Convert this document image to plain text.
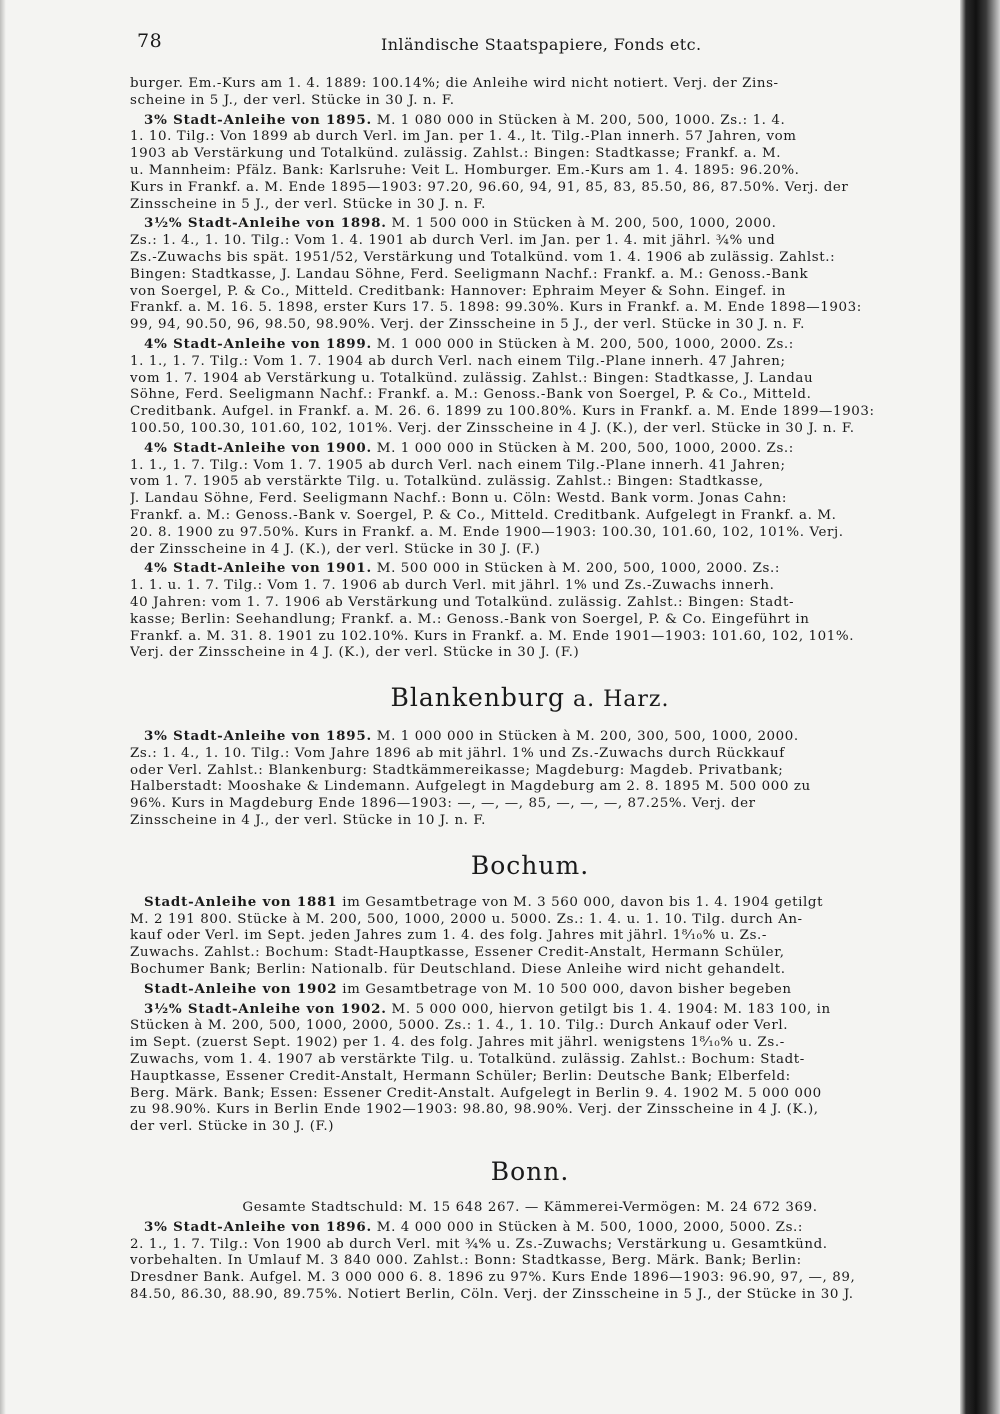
78	Inländische Staatspapiere, Fonds etc.
burger. Em.-Kurs am 1. 4. 1889: 100.14%; die Anleihe wird nicht notiert. Verj. der Zins-
scheine in 5 J., der verl. Stücke in 30 J. n. F.
3% Stadt-Anleihe von 1895. M. 1 080 000 in Stücken à M. 200, 500, 1000. Zs.: 1. 4.
1. 10. Tilg.: Von 1899 ab durch Verl. im Jan. per 1. 4., lt. Tilg.-Plan innerh. 57 Jahren, vom
1903 ab Verstärkung und Totalkünd. zulässig. Zahlst.: Bingen: Stadtkasse; Frankf. a. M.
u. Mannheim: Pfälz. Bank: Karlsruhe: Veit L. Homburger. Em.-Kurs am 1. 4. 1895: 96.20%.
Kurs in Frankf. a. M. Ende 1895—1903: 97.20, 96.60, 94, 91, 85, 83, 85.50, 86, 87.50%. Verj. der
Zinsscheine in 5 J., der verl. Stücke in 30 J. n. F.
3½% Stadt-Anleihe von 1898. M. 1 500 000 in Stücken à M. 200, 500, 1000, 2000.
Zs.: 1. 4., 1. 10. Tilg.: Vom 1. 4. 1901 ab durch Verl. im Jan. per 1. 4. mit jährl. ¾% und
Zs.-Zuwachs bis spät. 1951/52, Verstärkung und Totalkünd. vom 1. 4. 1906 ab zulässig. Zahlst.:
Bingen: Stadtkasse, J. Landau Söhne, Ferd. Seeligmann Nachf.: Frankf. a. M.: Genoss.-Bank
von Soergel, P. & Co., Mitteld. Creditbank: Hannover: Ephraim Meyer & Sohn. Eingef. in
Frankf. a. M. 16. 5. 1898, erster Kurs 17. 5. 1898: 99.30%. Kurs in Frankf. a. M. Ende 1898—1903:
99, 94, 90.50, 96, 98.50, 98.90%. Verj. der Zinsscheine in 5 J., der verl. Stücke in 30 J. n. F.
4% Stadt-Anleihe von 1899. M. 1 000 000 in Stücken à M. 200, 500, 1000, 2000. Zs.:
1. 1., 1. 7. Tilg.: Vom 1. 7. 1904 ab durch Verl. nach einem Tilg.-Plane innerh. 47 Jahren;
vom 1. 7. 1904 ab Verstärkung u. Totalkünd. zulässig. Zahlst.: Bingen: Stadtkasse, J. Landau
Söhne, Ferd. Seeligmann Nachf.: Frankf. a. M.: Genoss.-Bank von Soergel, P. & Co., Mitteld.
Creditbank. Aufgel. in Frankf. a. M. 26. 6. 1899 zu 100.80%. Kurs in Frankf. a. M. Ende 1899—1903:
100.50, 100.30, 101.60, 102, 101%. Verj. der Zinsscheine in 4 J. (K.), der verl. Stücke in 30 J. n. F.
4% Stadt-Anleihe von 1900. M. 1 000 000 in Stücken à M. 200, 500, 1000, 2000. Zs.:
1. 1., 1. 7. Tilg.: Vom 1. 7. 1905 ab durch Verl. nach einem Tilg.-Plane innerh. 41 Jahren;
vom 1. 7. 1905 ab verstärkte Tilg. u. Totalkünd. zulässig. Zahlst.: Bingen: Stadtkasse,
J. Landau Söhne, Ferd. Seeligmann Nachf.: Bonn u. Cöln: Westd. Bank vorm. Jonas Cahn:
Frankf. a. M.: Genoss.-Bank v. Soergel, P. & Co., Mitteld. Creditbank. Aufgelegt in Frankf. a. M.
20. 8. 1900 zu 97.50%. Kurs in Frankf. a. M. Ende 1900—1903: 100.30, 101.60, 102, 101%. Verj.
der Zinsscheine in 4 J. (K.), der verl. Stücke in 30 J. (F.)
4% Stadt-Anleihe von 1901. M. 500 000 in Stücken à M. 200, 500, 1000, 2000. Zs.:
1. 1. u. 1. 7. Tilg.: Vom 1. 7. 1906 ab durch Verl. mit jährl. 1% und Zs.-Zuwachs innerh.
40 Jahren: vom 1. 7. 1906 ab Verstärkung und Totalkünd. zulässig. Zahlst.: Bingen: Stadt-
kasse; Berlin: Seehandlung; Frankf. a. M.: Genoss.-Bank von Soergel, P. & Co. Eingeführt in
Frankf. a. M. 31. 8. 1901 zu 102.10%. Kurs in Frankf. a. M. Ende 1901—1903: 101.60, 102, 101%.
Verj. der Zinsscheine in 4 J. (K.), der verl. Stücke in 30 J. (F.)
Blankenburg a. Harz.
3% Stadt-Anleihe von 1895. M. 1 000 000 in Stücken à M. 200, 300, 500, 1000, 2000.
Zs.: 1. 4., 1. 10. Tilg.: Vom Jahre 1896 ab mit jährl. 1% und Zs.-Zuwachs durch Rückkauf
oder Verl. Zahlst.: Blankenburg: Stadtkämmereikasse; Magdeburg: Magdeb. Privatbank;
Halberstadt: Mooshake & Lindemann. Aufgelegt in Magdeburg am 2. 8. 1895 M. 500 000 zu
96%. Kurs in Magdeburg Ende 1896—1903: —, —, —, 85, —, —, —, 87.25%. Verj. der
Zinsscheine in 4 J., der verl. Stücke in 10 J. n. F.
Bochum.
Stadt-Anleihe von 1881 im Gesamtbetrage von M. 3 560 000, davon bis 1. 4. 1904 getilgt
M. 2 191 800. Stücke à M. 200, 500, 1000, 2000 u. 5000. Zs.: 1. 4. u. 1. 10. Tilg. durch An-
kauf oder Verl. im Sept. jeden Jahres zum 1. 4. des folg. Jahres mit jährl. 1⁸⁄₁₀% u. Zs.-
Zuwachs. Zahlst.: Bochum: Stadt-Hauptkasse, Essener Credit-Anstalt, Hermann Schüler,
Bochumer Bank; Berlin: Nationalb. für Deutschland. Diese Anleihe wird nicht gehandelt.
Stadt-Anleihe von 1902 im Gesamtbetrage von M. 10 500 000, davon bisher begeben
3½% Stadt-Anleihe von 1902. M. 5 000 000, hiervon getilgt bis 1. 4. 1904: M. 183 100, in
Stücken à M. 200, 500, 1000, 2000, 5000. Zs.: 1. 4., 1. 10. Tilg.: Durch Ankauf oder Verl.
im Sept. (zuerst Sept. 1902) per 1. 4. des folg. Jahres mit jährl. wenigstens 1⁸⁄₁₀% u. Zs.-
Zuwachs, vom 1. 4. 1907 ab verstärkte Tilg. u. Totalkünd. zulässig. Zahlst.: Bochum: Stadt-
Hauptkasse, Essener Credit-Anstalt, Hermann Schüler; Berlin: Deutsche Bank; Elberfeld:
Berg. Märk. Bank; Essen: Essener Credit-Anstalt. Aufgelegt in Berlin 9. 4. 1902 M. 5 000 000
zu 98.90%. Kurs in Berlin Ende 1902—1903: 98.80, 98.90%. Verj. der Zinsscheine in 4 J. (K.),
der verl. Stücke in 30 J. (F.)
Bonn.
Gesamte Stadtschuld: M. 15 648 267. — Kämmerei-Vermögen: M. 24 672 369.
3% Stadt-Anleihe von 1896. M. 4 000 000 in Stücken à M. 500, 1000, 2000, 5000. Zs.:
2. 1., 1. 7. Tilg.: Von 1900 ab durch Verl. mit ¾% u. Zs.-Zuwachs; Verstärkung u. Gesamtkünd.
vorbehalten. In Umlauf M. 3 840 000. Zahlst.: Bonn: Stadtkasse, Berg. Märk. Bank; Berlin:
Dresdner Bank. Aufgel. M. 3 000 000 6. 8. 1896 zu 97%. Kurs Ende 1896—1903: 96.90, 97, —, 89,
84.50, 86.30, 88.90, 89.75%. Notiert Berlin, Cöln. Verj. der Zinsscheine in 5 J., der Stücke in 30 J.
